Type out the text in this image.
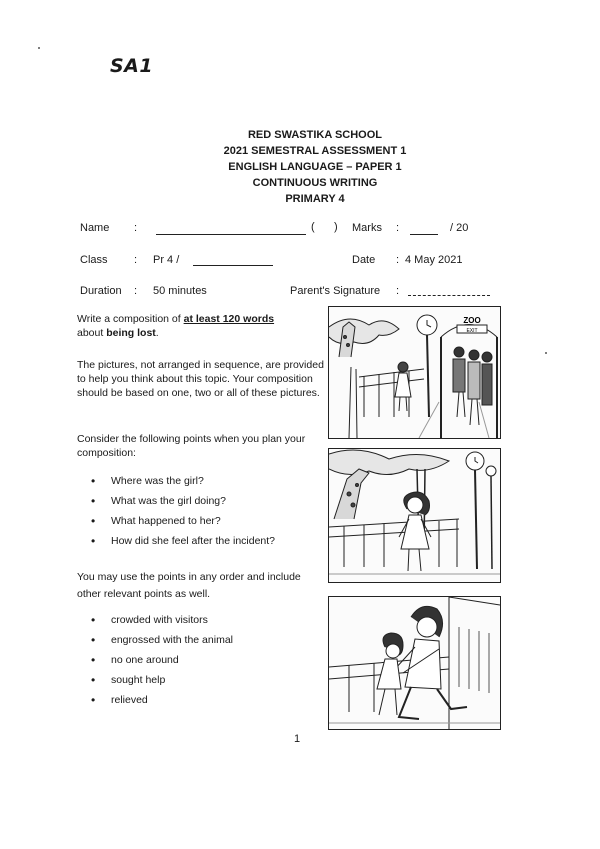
SA1
RED SWASTIKA SCHOOL
2021 SEMESTRAL ASSESSMENT 1
ENGLISH LANGUAGE – PAPER 1
CONTINUOUS WRITING
PRIMARY 4
Name :	( ) Marks :	/ 20
Class : Pr 4 /	Date : 4 May 2021
Duration : 50 minutes	Parent's Signature :
Write a composition of at least 120 words
about being lost.
The pictures, not arranged in sequence, are provided to help you think about this topic. Your composition should be based on one, two or all of these pictures.
Consider the following points when you plan your composition:
• Where was the girl?
• What was the girl doing?
• What happened to her?
• How did she feel after the incident?
You may use the points in any order and include
other relevant points as well.
• crowded with visitors
• engrossed with the animal
• no one around
• sought help
• relieved
ZOO
EXIT
1
